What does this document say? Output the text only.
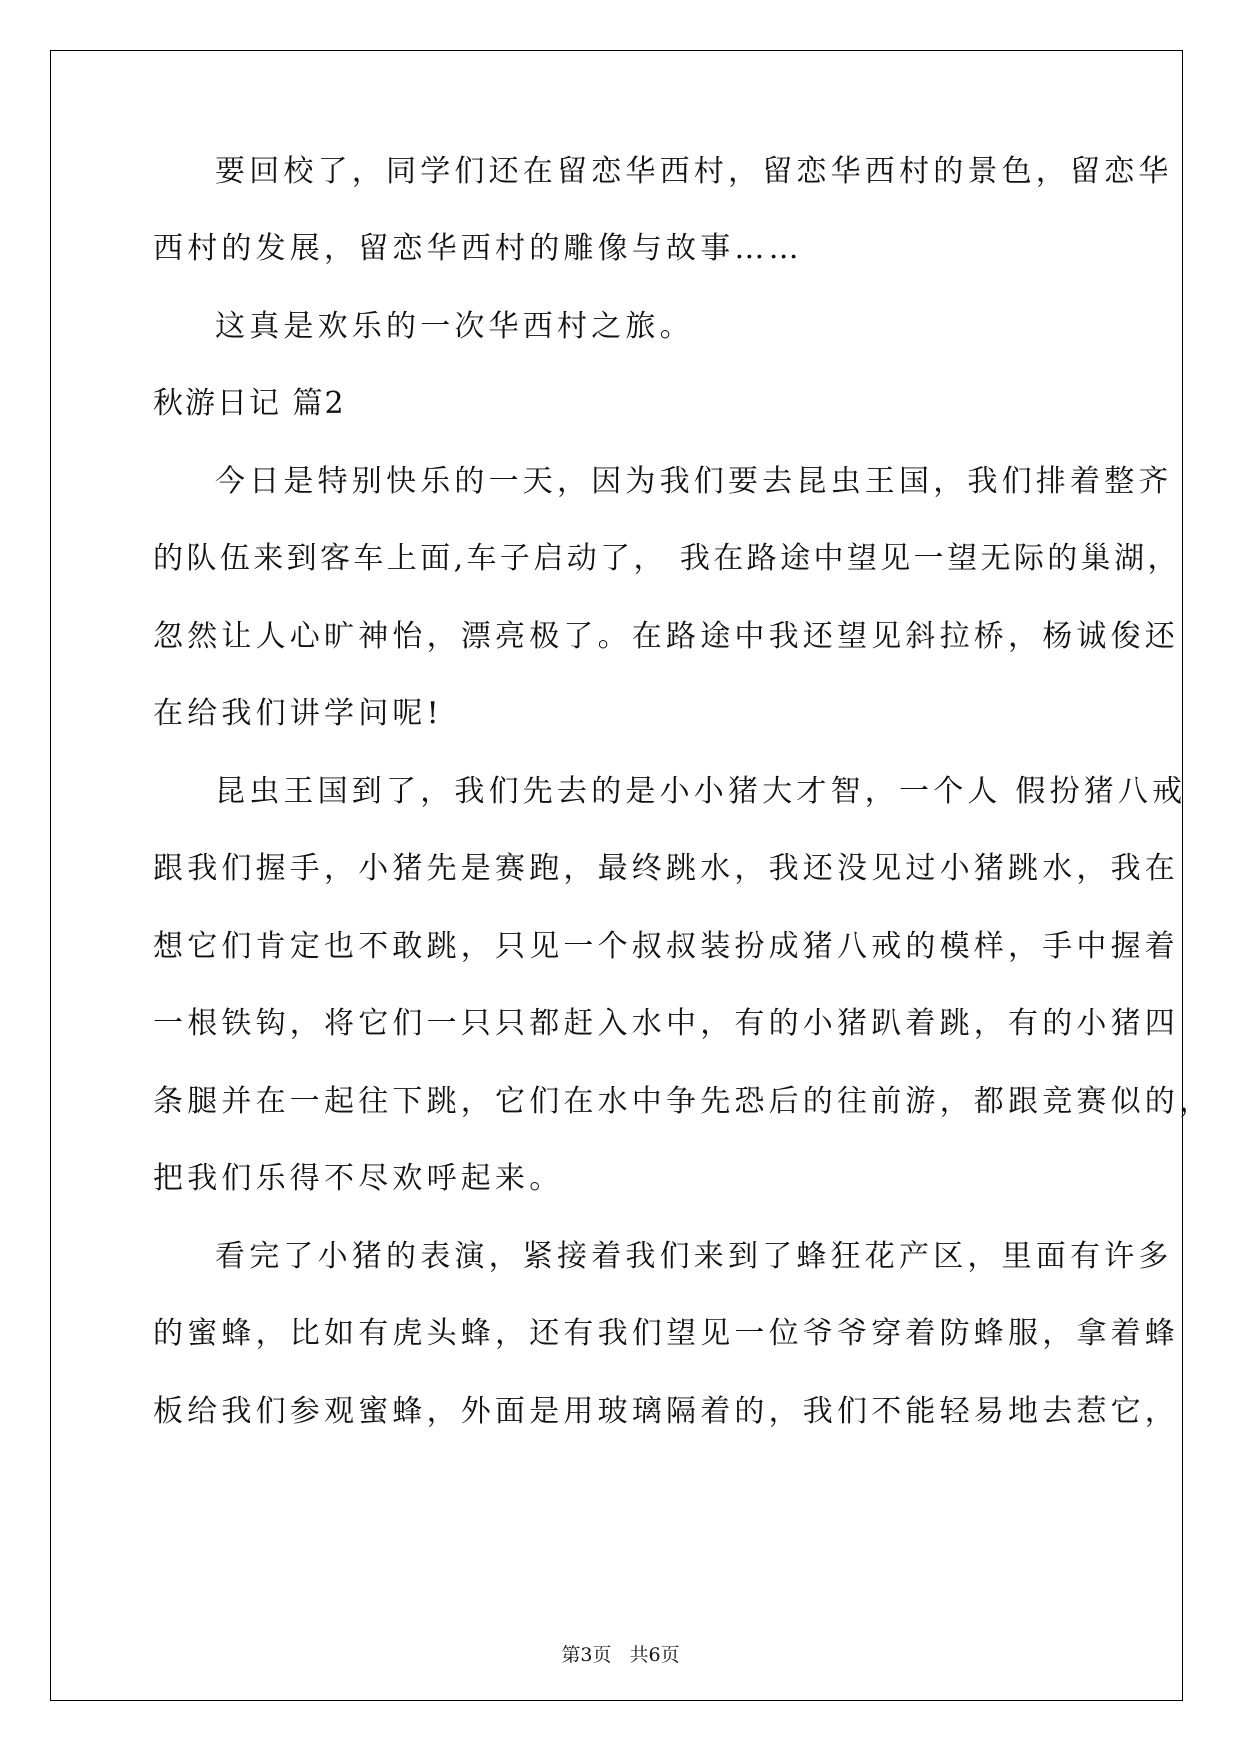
要回校了，同学们还在留恋华西村，留恋华西村的景色，留恋华
西村的发展，留恋华西村的雕像与故事……
这真是欢乐的一次华西村之旅。
秋游日记 篇2
今日是特别快乐的一天，因为我们要去昆虫王国，我们排着整齐
的队伍来到客车上面,车子启动了， 我在路途中望见一望无际的巢湖，
忽然让人心旷神怡，漂亮极了。在路途中我还望见斜拉桥，杨诚俊还
在给我们讲学问呢!
昆虫王国到了，我们先去的是小小猪大才智，一个人 假扮猪八戒
跟我们握手，小猪先是赛跑，最终跳水，我还没见过小猪跳水，我在
想它们肯定也不敢跳，只见一个叔叔装扮成猪八戒的模样，手中握着
一根铁钩，将它们一只只都赶入水中，有的小猪趴着跳，有的小猪四
条腿并在一起往下跳，它们在水中争先恐后的往前游，都跟竞赛似的，
把我们乐得不尽欢呼起来。
看完了小猪的表演，紧接着我们来到了蜂狂花产区，里面有许多
的蜜蜂，比如有虎头蜂，还有我们望见一位爷爷穿着防蜂服，拿着蜂
板给我们参观蜜蜂，外面是用玻璃隔着的，我们不能轻易地去惹它，
第3页 共6页
